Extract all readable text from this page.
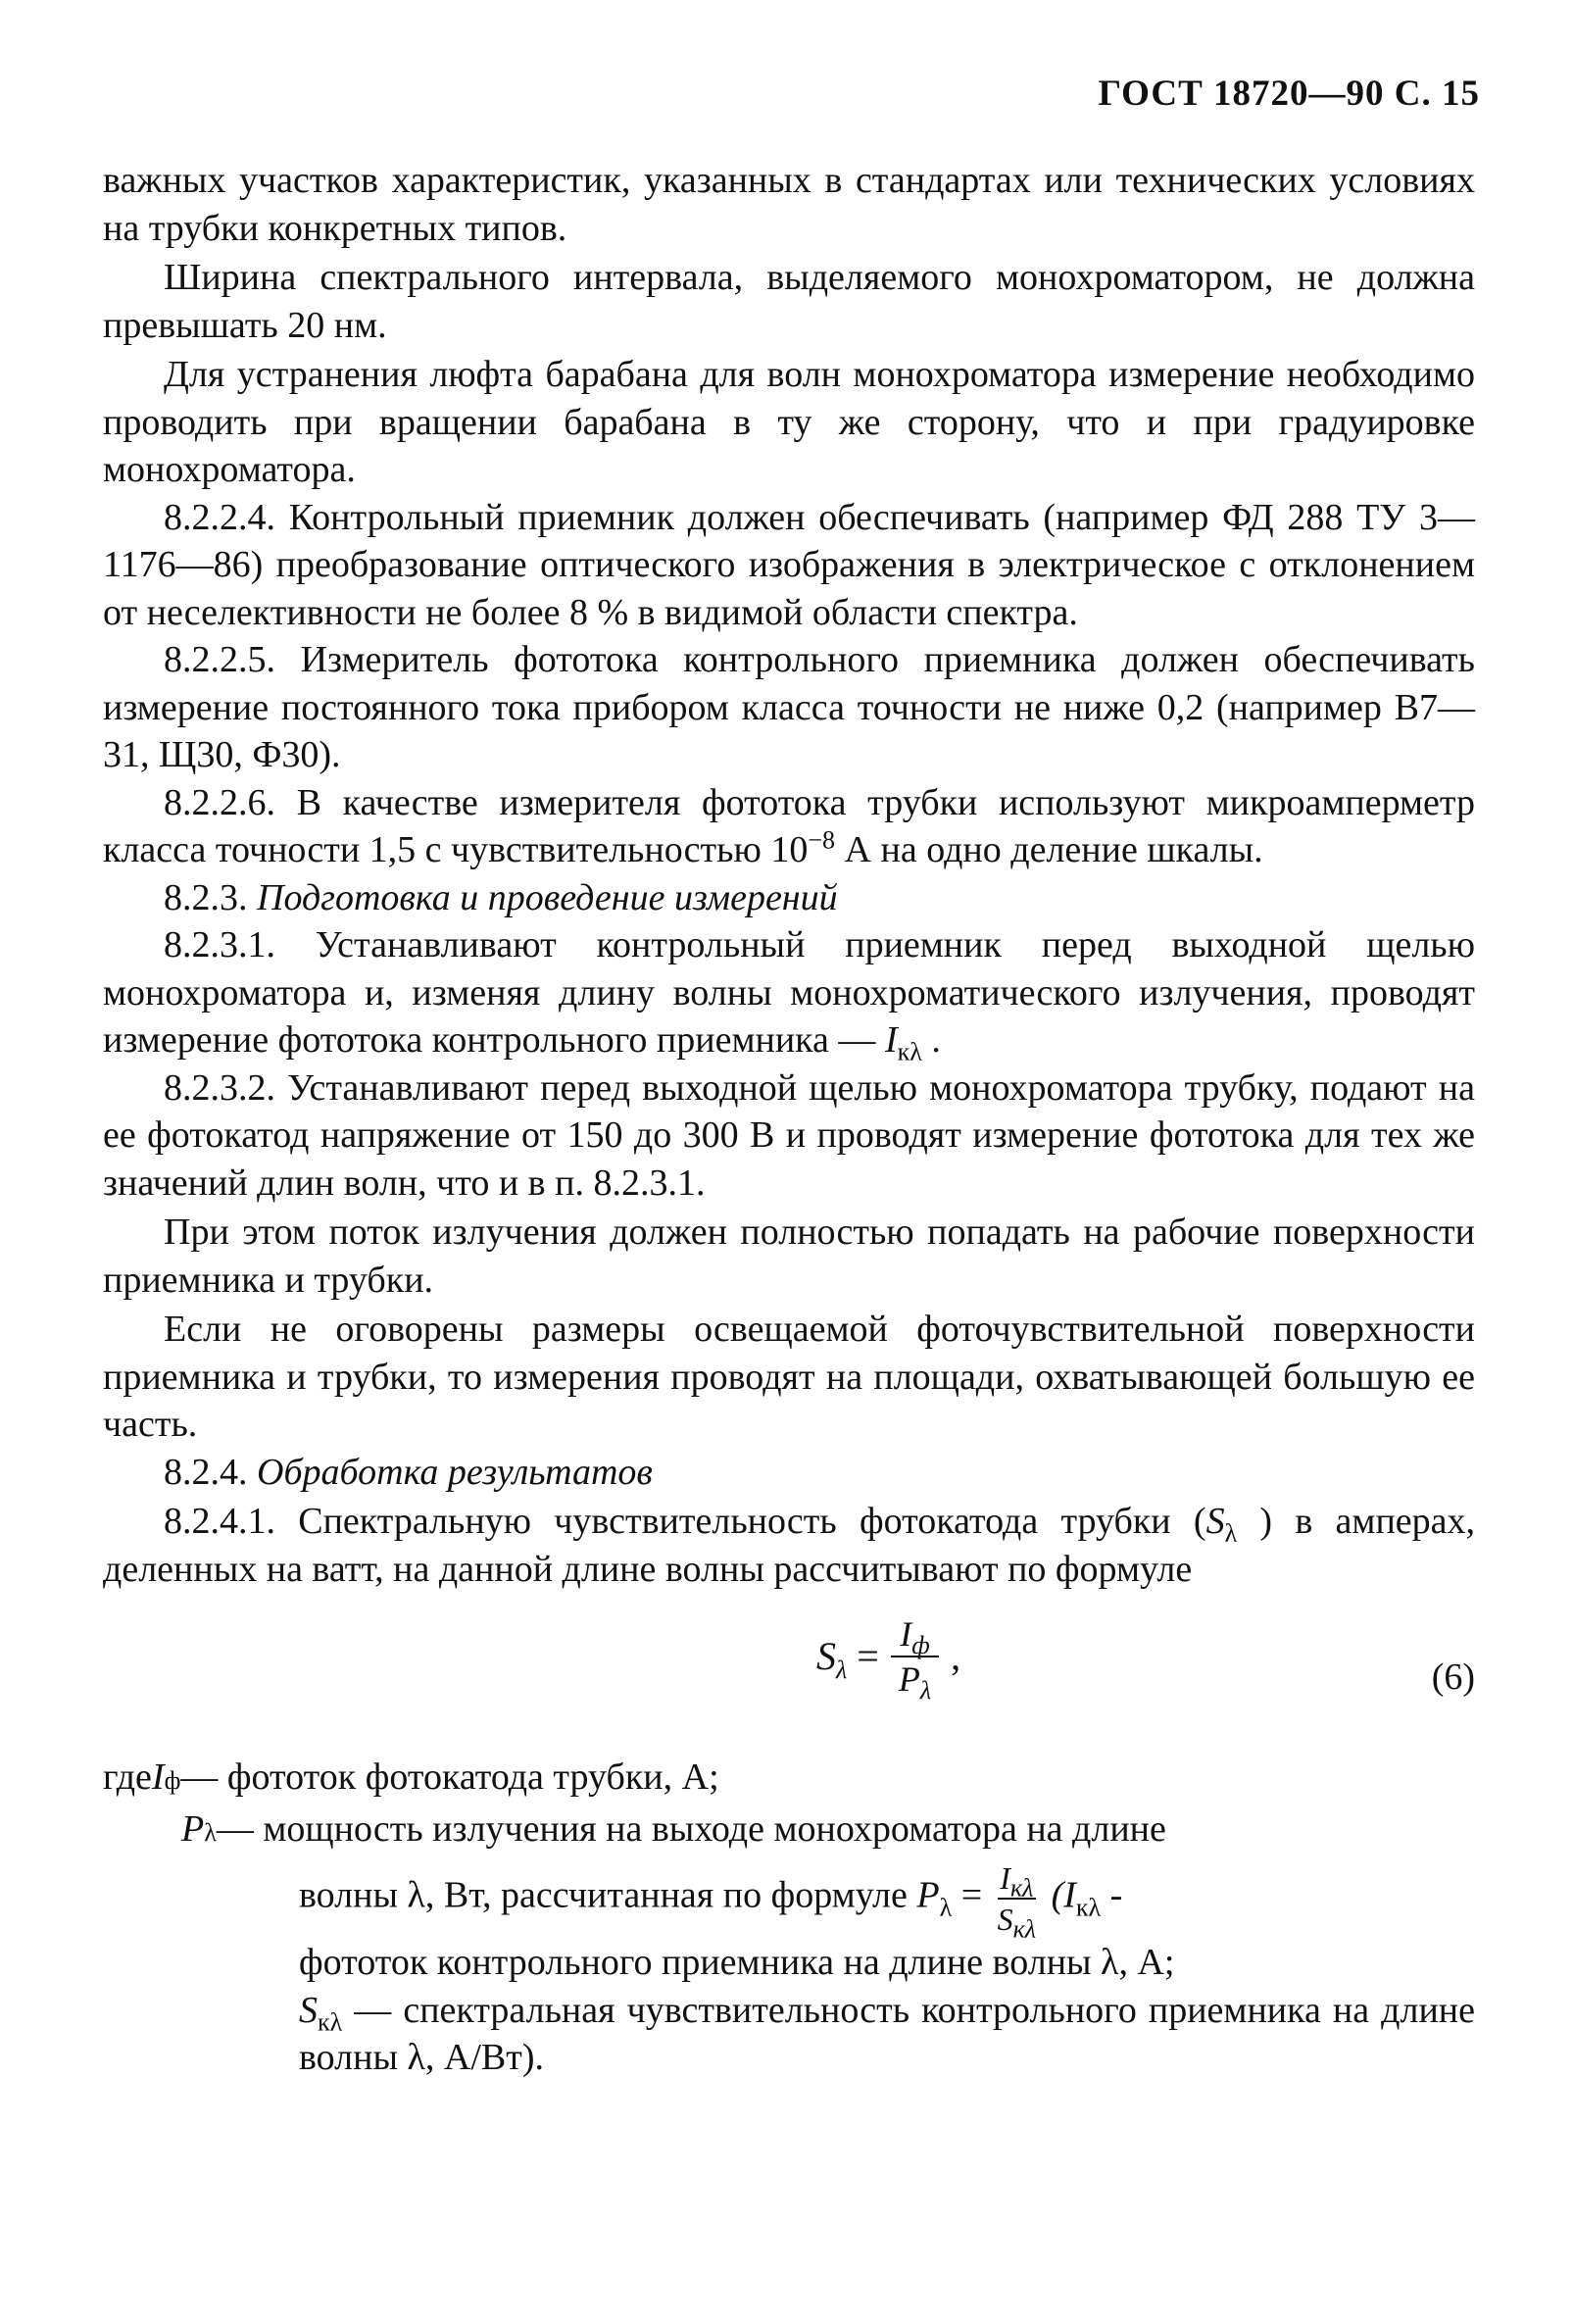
ГОСТ 18720—90 С. 15

важных участков характеристик, указанных в стандартах или технических условиях на трубки конкретных типов.

Ширина спектрального интервала, выделяемого монохроматором, не должна превышать 20 нм.

Для устранения люфта барабана для волн монохроматора измерение необходимо проводить при вращении барабана в ту же сторону, что и при градуировке монохроматора.

8.2.2.4. Контрольный приемник должен обеспечивать (например ФД 288 ТУ 3—1176—86) преобразование оптического изображения в электрическое с отклонением от неселективности не более 8 % в видимой области спектра.

8.2.2.5. Измеритель фототока контрольного приемника должен обеспечивать измерение постоянного тока прибором класса точности не ниже 0,2 (например В7—31, Щ30, Ф30).

8.2.2.6. В качестве измерителя фототока трубки используют микроамперметр класса точности 1,5 с чувствительностью $10^{-8}$ А на одно деление шкалы.

8.2.3. Подготовка и проведение измерений

8.2.3.1. Устанавливают контрольный приемник перед выходной щелью монохроматора и, изменяя длину волны монохроматического излучения, проводят измерение фототока контрольного приемника — $I_{к\lambda}$ .

8.2.3.2. Устанавливают перед выходной щелью монохроматора трубку, подают на ее фотокатод напряжение от 150 до 300 В и проводят измерение фототока для тех же значений длин волн, что и в п. 8.2.3.1.

При этом поток излучения должен полностью попадать на рабочие поверхности приемника и трубки.

Если не оговорены размеры освещаемой фоточувствительной поверхности приемника и трубки, то измерения проводят на площади, охватывающей большую ее часть.

8.2.4. Обработка результатов

8.2.4.1. Спектральную чувствительность фотокатода трубки ($S_\lambda$ ) в амперах, деленных на ватт, на данной длине волны рассчитывают по формуле

$S_\lambda = \frac{I_ф}{P_\lambda}$ ,	(6)
где I ф — фототок фотокатода трубки, А;
P λ — мощность излучения на выходе монохроматора на длине
волны λ, Вт, рассчитанная по формуле $P_\lambda = \frac{I_{к\lambda}}{S_{к\lambda}} (I_{к\lambda}$ -
фототок контрольного приемника на длине волны λ, А;
$S_{к\lambda}$ — спектральная чувствительность контрольного приемника на длине волны λ, А/Вт).
